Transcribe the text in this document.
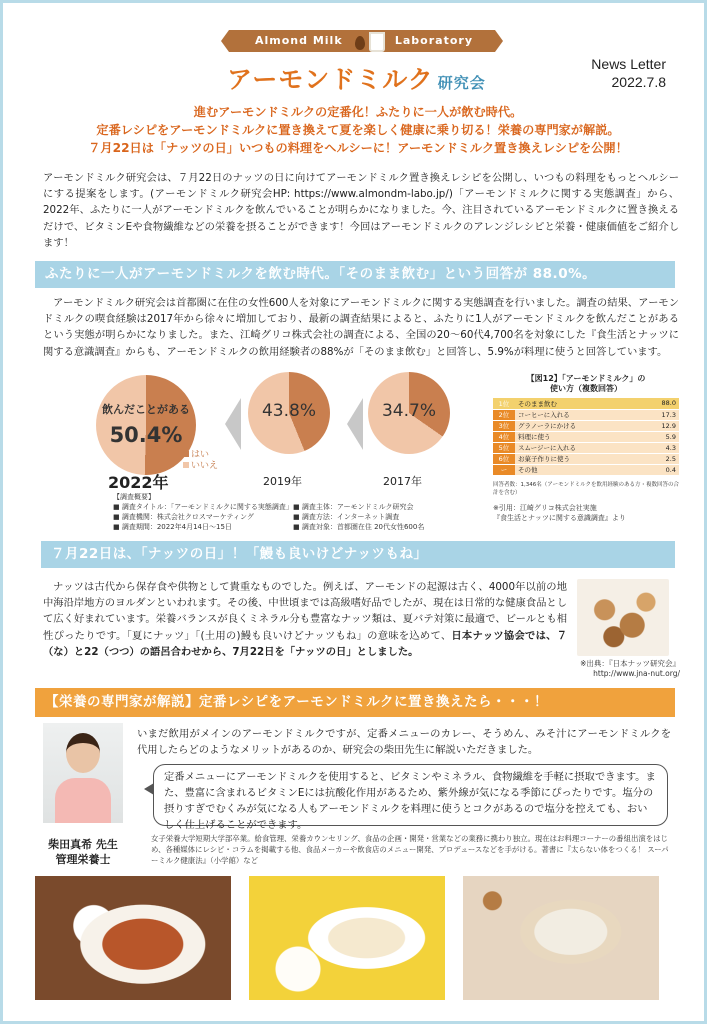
Almond Milk	Laboratory
アーモンドミルク 研究会
News Letter
2022.7.8
進むアーモンドミルクの定番化！ふたりに一人が飲む時代。
定番レシピをアーモンドミルクに置き換えて夏を楽しく健康に乗り切る！栄養の専門家が解説。
７月22日は「ナッツの日」いつもの料理をヘルシーに！アーモンドミルク置き換えレシピを公開！
アーモンドミルク研究会は、７月22日のナッツの日に向けてアーモンドミルク置き換えレシピを公開し、いつもの料理をもっとヘルシーにする提案をします。(アーモンドミルク研究会HP: https://www.almondm-labo.jp/)「アーモンドミルクに関する実態調査」から、2022年、ふたりに一人がアーモンドミルクを飲んでいることが明らかになりました。今、注目されているアーモンドミルクに置き換えるだけで、ビタミンEや食物繊維などの栄養を摂ることができます！今回はアーモンドミルクのアレンジレシピと栄養・健康価値をご紹介します！
ふたりに一人がアーモンドミルクを飲む時代。「そのまま飲む」という回答が 88.0%。
アーモンドミルク研究会は首都圏に在住の女性600人を対象にアーモンドミルクに関する実態調査を行いました。調査の結果、アーモンドミルクの喫食経験は2017年から徐々に増加しており、最新の調査結果によると、ふたりに1人がアーモンドミルクを飲んだことがあるという実態が明らかになりました。また、江崎グリコ株式会社の調査による、全国の20～60代4,700名を対象にした『食生活とナッツに関する意識調査』からも、アーモンドミルクの飲用経験者の88%が「そのまま飲む」と回答し、5.9%が料理に使うと回答しています。
飲んだことがある
50.4%
2022年
はい
いいえ
43.8%
2019年
34.7%
2017年
【調査概要】
■ 調査タイトル：「アーモンドミルクに関する実態調査」
■ 調査機関：株式会社クロスマーケティング
■ 調査期間：2022年4月14日～15日
■ 調査主体：アーモンドミルク研究会
■ 調査方法：インターネット調査
■ 調査対象：首都圏在住 20代女性600名
【図12】「アーモンドミルク」の
使い方（複数回答）
1位	そのまま飲む	88.0
2位	コーヒーに入れる	17.3
3位	グラノーラにかける	12.9
4位	料理に使う	5.9
5位	スムージーに入れる	4.3
6位	お菓子作りに使う	2.5
ー	その他	0.4
回答者数：1,346名（アーモンドミルクを飲用経験のある方・複数回答の合計を含む）
※引用：江崎グリコ株式会社実施
『食生活とナッツに関する意識調査』より
７月22日は、「ナッツの日」！「鰻も良いけどナッツもね」
ナッツは古代から保存食や供物として貴重なものでした。例えば、アーモンドの起源は古く、4000年以前の地中海沿岸地方のヨルダンといわれます。その後、中世頃までは高級嗜好品でしたが、現在は日常的な健康食品として広く好まれています。栄養バランスが良くミネラル分も豊富なナッツ類は、夏バテ対策に最適で、ビールとも相性ぴったりです。「夏にナッツ」「(土用の)鰻も良いけどナッツもね」の意味を込めて、日本ナッツ協会では、７（な）と22（つつ）の語呂合わせから、7月22日を「ナッツの日」としました。
※出典：『日本ナッツ研究会』
http://www.jna-nut.org/
【栄養の専門家が解説】定番レシピをアーモンドミルクに置き換えたら・・・！
いまだ飲用がメインのアーモンドミルクですが、定番メニューのカレー、そうめん、みそ汁にアーモンドミルクを代用したらどのようなメリットがあるのか、研究会の柴田先生に解説いただきました。
定番メニューにアーモンドミルクを使用すると、ビタミンやミネラル、食物繊維を手軽に摂取できます。また、豊富に含まれるビタミンEには抗酸化作用があるため、紫外線が気になる季節にぴったりです。塩分の摂りすぎでむくみが気になる人もアーモンドミルクを料理に使うとコクがあるので塩分を控えても、おいしく仕上げることができます。
柴田真希 先生
管理栄養士
女子栄養大学短期大学部卒業。給食管理、栄養カウンセリング、食品の企画・開発・営業などの業務に携わり独立。現在はお料理コーナーの番組出演をはじめ、各種媒体にレシピ・コラムを掲載する他、食品メーカーや飲食店のメニュー開発、プロデュースなどを手がける。著書に『太らない体をつくる！ スーパーミルク健康法』（小学館）など
